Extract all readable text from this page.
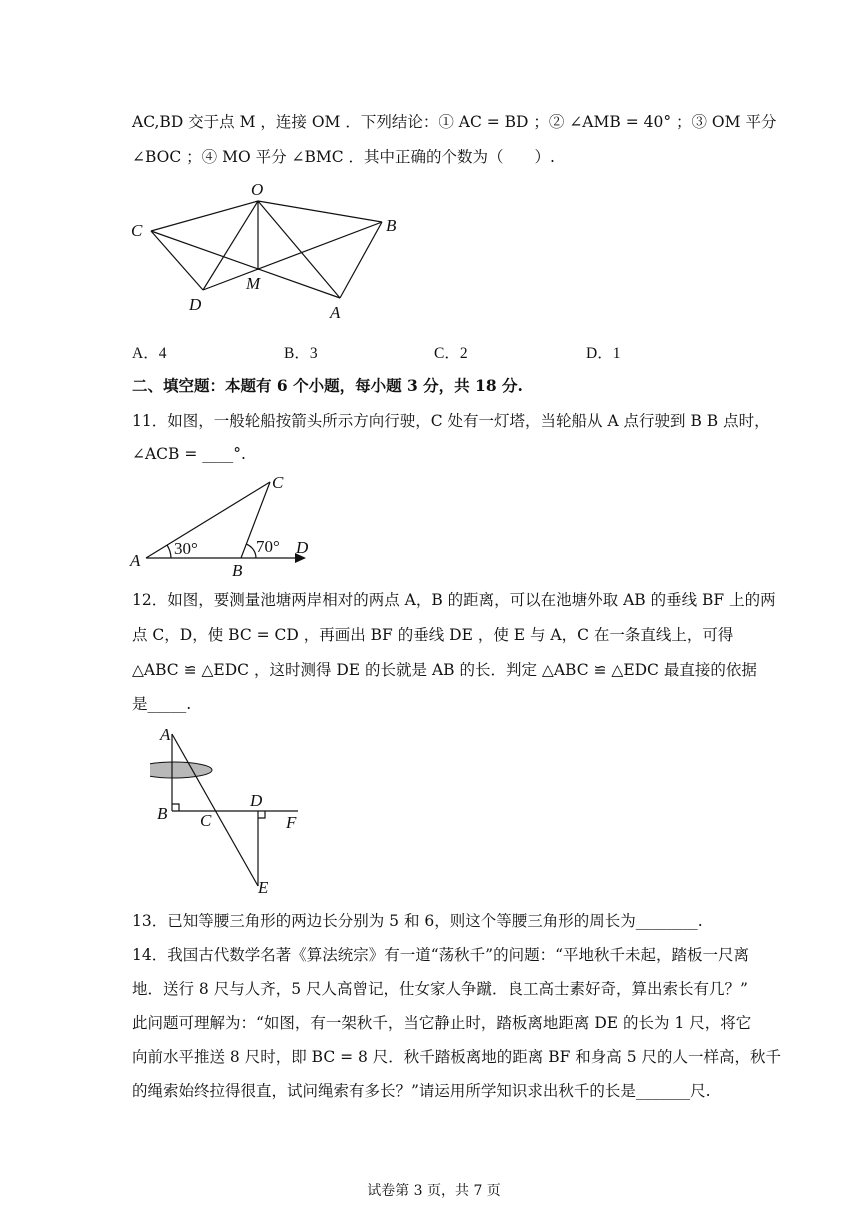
AC,BD 交于点 M ，连接 OM ．下列结论：① AC = BD ；② ∠AMB = 40° ；③ OM 平分
∠BOC ；④ MO 平分 ∠BMC ．其中正确的个数为（　　）.
O
C	B
D
M
A
A．4	B．3	C．2	D．1
二、填空题：本题有 6 个小题，每小题 3 分，共 18 分.
11．如图，一般轮船按箭头所示方向行驶，C 处有一灯塔，当轮船从 A 点行驶到 B B 点时，
∠ACB = ____°.
A
B
C
D
30°	70°
12．如图，要测量池塘两岸相对的两点 A，B 的距离，可以在池塘外取 AB 的垂线 BF 上的两
点 C，D，使 BC = CD ，再画出 BF 的垂线 DE ，使 E 与 A，C 在一条直线上，可得
△ABC ≌ △EDC ，这时测得 DE 的长就是 AB 的长．判定 △ABC ≌ △EDC 最直接的依据
是_____.
A
B C
D
F
E
13．已知等腰三角形的两边长分别为 5 和 6，则这个等腰三角形的周长为________.
14．我国古代数学名著《算法统宗》有一道“荡秋千”的问题：“平地秋千未起，踏板一尺离
地．送行 8 尺与人齐，5 尺人高曾记，仕女家人争蹴．良工高士素好奇，算出索长有几？”
此问题可理解为：“如图，有一架秋千，当它静止时，踏板离地距离 DE 的长为 1 尺，将它
向前水平推送 8 尺时，即 BC = 8 尺．秋千踏板离地的距离 BF 和身高 5 尺的人一样高，秋千
的绳索始终拉得很直，试问绳索有多长？”请运用所学知识求出秋千的长是_______尺.
试卷第 3 页，共 7 页
